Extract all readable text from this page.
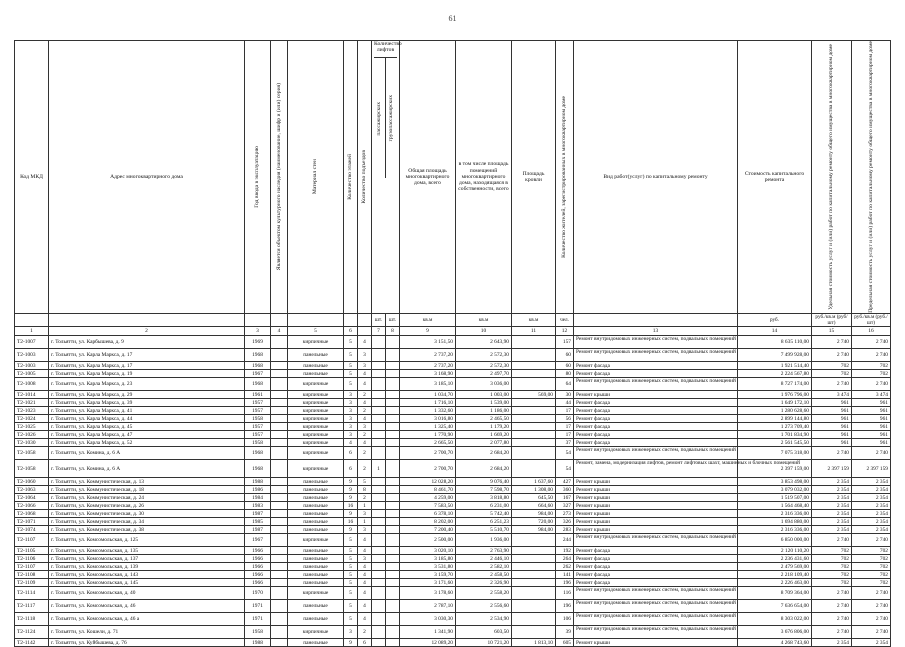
61
Код МКД	Адрес многоквартирного дома	Год ввода в эксплуатацию	Является объектом культурного наследия (наименование, шифр и (или) серия)	Материал стен	Количество этажей	Количество подъездов	Количество лифтов
пассажирских грузопассажирских		Общая площадь многоквартирного дома, всего	в том числе площадь помещений многоквартирного дома, находящаяся в собственности, всего	Площадь кровли	Количество жителей, зарегистрированных в многоквартирном доме	Вид работ(услуг) по капитальному ремонту	Стоимость капитального ремонта	Удельная стоимость услуг и (или) работ по капитальному ремонту общего имущества в многоквартирном доме	Предельная стоимость услуг и (или) работ по капитальному ремонту общего имущества в многоквартирном доме

							шт.	шт.	кв.м	кв.м	кв.м	чел.		руб.	руб./кв.м (руб/шт)	руб./кв.м (руб./шт)
1	2	3	4	5	6		7	8	9	10	11	12	13	14	15	16
Т2-1007	г. Тольятти, ул. Карбышева, д. 9	1969		кирпичные	5	4			3 151,50	2 643,90		157	Ремонт внутридомовых инженерных систем, подвальных помещений	8 635 110,00	2 740	2 740
Т2-1003	г. Тольятти, ул. Карла Маркса, д. 17	1968		панельные	5	3			2 737,20	2 572,30		60	Ремонт внутридомовых инженерных систем, подвальных помещений	7 499 928,00	2 740	2 740
Т2-1003	г. Тольятти, ул. Карла Маркса, д. 17	1968		панельные	5	3			2 737,20	2 572,30		60	Ремонт фасада	1 921 514,40	702	702
Т2-1005	г. Тольятти, ул. Карла Маркса, д. 19	1967		панельные	5	4			3 168,90	2 497,70		80	Ремонт фасада	2 224 567,80	702	702
Т2-1008	г. Тольятти, ул. Карла Маркса, д. 23	1968		кирпичные	5	4			3 185,10	3 036,00		64	Ремонт внутридомовых инженерных систем, подвальных помещений	8 727 174,00	2 740	2 740
Т2-1014	г. Тольятти, ул. Карла Маркса, д. 29	1961		кирпичные	3	2			1 034,70	1 003,00	569,00	30	Ремонт крыши	1 976 796,00	3 474	3 474
Т2-1021	г. Тольятти, ул. Карла Маркса, д. 39	1957		кирпичные	3	4			1 716,10	1 539,00		44	Ремонт фасада	1 649 172,10	961	961
Т2-1023	г. Тольятти, ул. Карла Маркса, д. 41	1957		кирпичные	3	2			1 332,60	1 186,00		17	Ремонт фасада	1 280 628,60	961	961
Т2-1024	г. Тольятти, ул. Карла Маркса, д. 44	1958		кирпичные	3	4			3 016,80	2 465,50		56	Ремонт фасада	2 899 144,80	961	961
Т2-1025	г. Тольятти, ул. Карла Маркса, д. 45	1957		кирпичные	3	3			1 325,40	1 179,20		17	Ремонт фасада	1 273 709,40	961	961
Т2-1026	г. Тольятти, ул. Карла Маркса, д. 47	1957		кирпичные	3	2			1 770,90	1 669,20		17	Ремонт фасада	1 701 834,90	961	961
Т2-1030	г. Тольятти, ул. Карла Маркса, д. 52	1958		кирпичные	4	4			2 665,50	2 077,80		37	Ремонт фасада	2 561 545,50	961	961
Т2-1058	г. Тольятти, ул. Комина, д. 6 А	1968		кирпичные	6	2			2 700,70	2 684,20		54	Ремонт внутридомовых инженерных систем, подвальных помещений	7 075 318,00	2 740	2 740
Т2-1058	г. Тольятти, ул. Комина, д. 6 А	1968		кирпичные	6	2	1		2 700,70	2 684,20		54	Ремонт, замена, модернизация лифтов, ремонт лифтовых шахт, машинных и блочных помещений	2 397 159,00	2 397 159	2 397 159
Т2-1060	г. Тольятти, ул. Коммунистическая, д. 13	1988		панельные	9	5			12 028,20	9 076,40	1 637,60	427	Ремонт крыши	3 853 498,00	2 354	2 354
Т2-1063	г. Тольятти, ул. Коммунистическая, д. 18	1986		панельные	9	8			8 461,70	7 598,70	1 308,00	360	Ремонт крыши	3 079 032,00	2 354	2 354
Т2-1064	г. Тольятти, ул. Коммунистическая, д. 24	1984		панельные	9	2			4 259,00	3 818,80	645,50	167	Ремонт крыши	1 519 507,00	2 354	2 354
Т2-1066	г. Тольятти, ул. Коммунистическая, д. 26	1983		панельные	16	1			7 583,50	6 231,00	664,60	327	Ремонт крыши	1 564 468,40	2 354	2 354
Т2-1068	г. Тольятти, ул. Коммунистическая, д. 30	1987		панельные	9	3			6 378,10	5 742,40	984,00	273	Ремонт крыши	2 316 336,00	2 354	2 354
Т2-1071	г. Тольятти, ул. Коммунистическая, д. 34	1985		панельные	16	1			8 202,00	6 251,23	720,00	326	Ремонт крыши	1 694 880,00	2 354	2 354
Т2-1074	г. Тольятти, ул. Коммунистическая, д. 38	1987		панельные	9	3			7 200,40	5 510,70	984,00	283	Ремонт крыши	2 316 336,00	2 354	2 354
Т2-1107	г. Тольятти, ул. Комсомольская, д. 125	1967		кирпичные	5	4			2 500,00	1 936,00		244	Ремонт внутридомовых инженерных систем, подвальных помещений	6 850 000,00	2 740	2 740
Т2-1105	г. Тольятти, ул. Комсомольская, д. 135	1966		панельные	5	4			3 020,10	2 763,90		192	Ремонт фасада	2 120 110,20	702	702
Т2-1106	г. Тольятти, ул. Комсомольская, д. 137	1966		панельные	5	3			3 185,80	2 446,10		264	Ремонт фасада	2 236 431,60	702	702
Т2-1107	г. Тольятти, ул. Комсомольская, д. 139	1966		панельные	5	4			3 531,80	2 582,10		262	Ремонт фасада	2 479 569,00	702	702
Т2-1108	г. Тольятти, ул. Комсомольская, д. 143	1966		панельные	5	4			3 159,70	2 458,50		141	Ремонт фасада	2 218 109,40	702	702
Т2-1109	г. Тольятти, ул. Комсомольская, д. 145	1966		панельные	5	4			3 171,60	2 326,90		196	Ремонт фасада	2 226 463,00	702	702
Т2-1114	г. Тольятти, ул. Комсомольская, д. 40	1970		кирпичные	5	4			3 178,60	2 558,20		116	Ремонт внутридомовых инженерных систем, подвальных помещений	8 709 364,00	2 740	2 740
Т2-1117	г. Тольятти, ул. Комсомольская, д. 46	1971		панельные	5	4			2 787,10	2 556,60		196	Ремонт внутридомовых инженерных систем, подвальных помещений	7 636 654,00	2 740	2 740
Т2-1118	г. Тольятти, ул. Комсомольская, д. 46 а	1971		панельные	5	4			3 030,30	2 534,90		106	Ремонт внутридомовых инженерных систем, подвальных помещений	8 303 022,00	2 740	2 740
Т2-1124	г. Тольятти, ул. Кошели, д. 71	1958		кирпичные	3	2			1 341,90	603,50		39	Ремонт внутридомовых инженерных систем, подвальных помещений	3 676 806,00	2 740	2 740
Т2-1142	г. Тольятти, ул. Куйбышева, д. 76	1988		панельные	9	6			12 089,20	10 721,20	1 813,10	605	Ремонт крыши	4 268 743,60	2 354	2 354
